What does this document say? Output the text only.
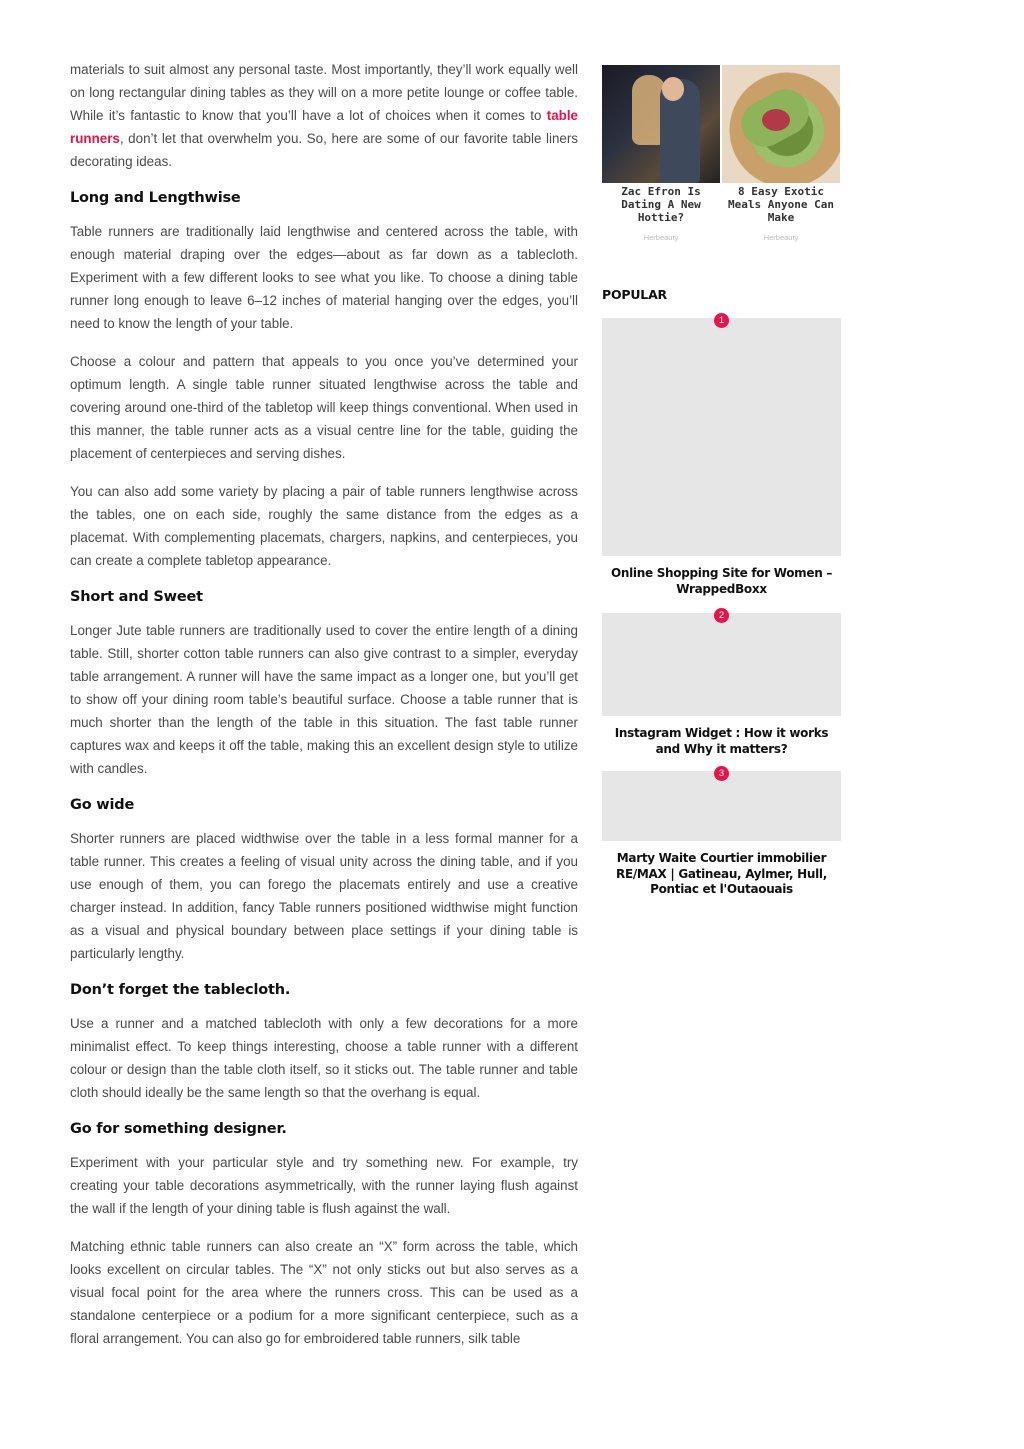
materials to suit almost any personal taste. Most importantly, they’ll work equally well on long rectangular dining tables as they will on a more petite lounge or coffee table. While it’s fantastic to know that you’ll have a lot of choices when it comes to table runners, don’t let that overwhelm you. So, here are some of our favorite table liners decorating ideas.

Long and Lengthwise

Table runners are traditionally laid lengthwise and centered across the table, with enough material draping over the edges—about as far down as a tablecloth. Experiment with a few different looks to see what you like. To choose a dining table runner long enough to leave 6–12 inches of material hanging over the edges, you’ll need to know the length of your table.

Choose a colour and pattern that appeals to you once you’ve determined your optimum length. A single table runner situated lengthwise across the table and covering around one-third of the tabletop will keep things conventional. When used in this manner, the table runner acts as a visual centre line for the table, guiding the placement of centerpieces and serving dishes.

You can also add some variety by placing a pair of table runners lengthwise across the tables, one on each side, roughly the same distance from the edges as a placemat. With complementing placemats, chargers, napkins, and centerpieces, you can create a complete tabletop appearance.

Short and Sweet

Longer Jute table runners are traditionally used to cover the entire length of a dining table. Still, shorter cotton table runners can also give contrast to a simpler, everyday table arrangement. A runner will have the same impact as a longer one, but you’ll get to show off your dining room table’s beautiful surface. Choose a table runner that is much shorter than the length of the table in this situation. The fast table runner captures wax and keeps it off the table, making this an excellent design style to utilize with candles.

Go wide

Shorter runners are placed widthwise over the table in a less formal manner for a table runner. This creates a feeling of visual unity across the dining table, and if you use enough of them, you can forego the placemats entirely and use a creative charger instead. In addition, fancy Table runners positioned widthwise might function as a visual and physical boundary between place settings if your dining table is particularly lengthy.

Don’t forget the tablecloth.

Use a runner and a matched tablecloth with only a few decorations for a more minimalist effect. To keep things interesting, choose a table runner with a different colour or design than the table cloth itself, so it sticks out. The table runner and table cloth should ideally be the same length so that the overhang is equal.

Go for something designer.

Experiment with your particular style and try something new. For example, try creating your table decorations asymmetrically, with the runner laying flush against the wall if the length of your dining table is flush against the wall.

Matching ethnic table runners can also create an “X” form across the table, which looks excellent on circular tables. The “X” not only sticks out but also serves as a visual focal point for the area where the runners cross. This can be used as a standalone centerpiece or a podium for a more significant centerpiece, such as a floral arrangement. You can also go for embroidered table runners, silk table

Zac Efron Is Dating A New Hottie?
Herbeauty
8 Easy Exotic Meals Anyone Can Make
Herbeauty
POPULAR
1
Online Shopping Site for Women – WrappedBoxx
2
Instagram Widget : How it works and Why it matters?
3
Marty Waite Courtier immobilier RE/MAX | Gatineau, Aylmer, Hull, Pontiac et l'Outaouais
